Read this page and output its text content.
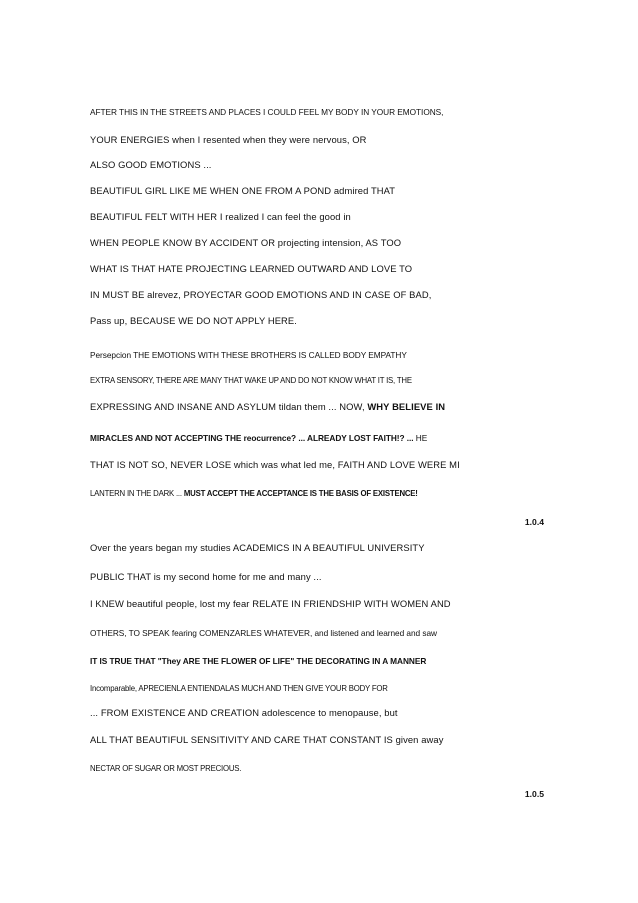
AFTER THIS IN THE STREETS AND PLACES I COULD FEEL MY BODY IN YOUR EMOTIONS,
YOUR ENERGIES when I resented when they were nervous, OR
ALSO GOOD EMOTIONS ...
BEAUTIFUL GIRL LIKE ME WHEN ONE FROM A POND admired THAT
BEAUTIFUL FELT WITH HER I realized I can feel the good in
WHEN PEOPLE KNOW BY ACCIDENT OR projecting intension, AS TOO
WHAT IS THAT HATE PROJECTING LEARNED OUTWARD AND LOVE TO
IN MUST BE alrevez, PROYECTAR GOOD EMOTIONS AND IN CASE OF BAD,
Pass up, BECAUSE WE DO NOT APPLY HERE.
Persepcion THE EMOTIONS WITH THESE BROTHERS IS CALLED BODY EMPATHY
EXTRA SENSORY, THERE ARE MANY THAT WAKE UP AND DO NOT KNOW WHAT IT IS, THE
EXPRESSING AND INSANE AND ASYLUM tildan them ... NOW, WHY BELIEVE IN
MIRACLES AND NOT ACCEPTING THE reocurrence? ... ALREADY LOST FAITH!? ... HE
THAT IS NOT SO, NEVER LOSE which was what led me, FAITH AND LOVE WERE MI
LANTERN IN THE DARK ... MUST ACCEPT THE ACCEPTANCE IS THE BASIS OF EXISTENCE!
1.0.4
Over the years began my studies ACADEMICS IN A BEAUTIFUL UNIVERSITY
PUBLIC THAT is my second home for me and many ...
I KNEW beautiful people, lost my fear RELATE IN FRIENDSHIP WITH WOMEN AND
OTHERS, TO SPEAK fearing COMENZARLES WHATEVER, and listened and learned and saw
IT IS TRUE THAT "They ARE THE FLOWER OF LIFE" THE DECORATING IN A MANNER
Incomparable, APRECIENLA ENTIENDALAS MUCH AND THEN GIVE YOUR BODY FOR
... FROM EXISTENCE AND CREATION adolescence to menopause, but
ALL THAT BEAUTIFUL SENSITIVITY AND CARE THAT CONSTANT IS given away
NECTAR OF SUGAR OR MOST PRECIOUS.
1.0.5
